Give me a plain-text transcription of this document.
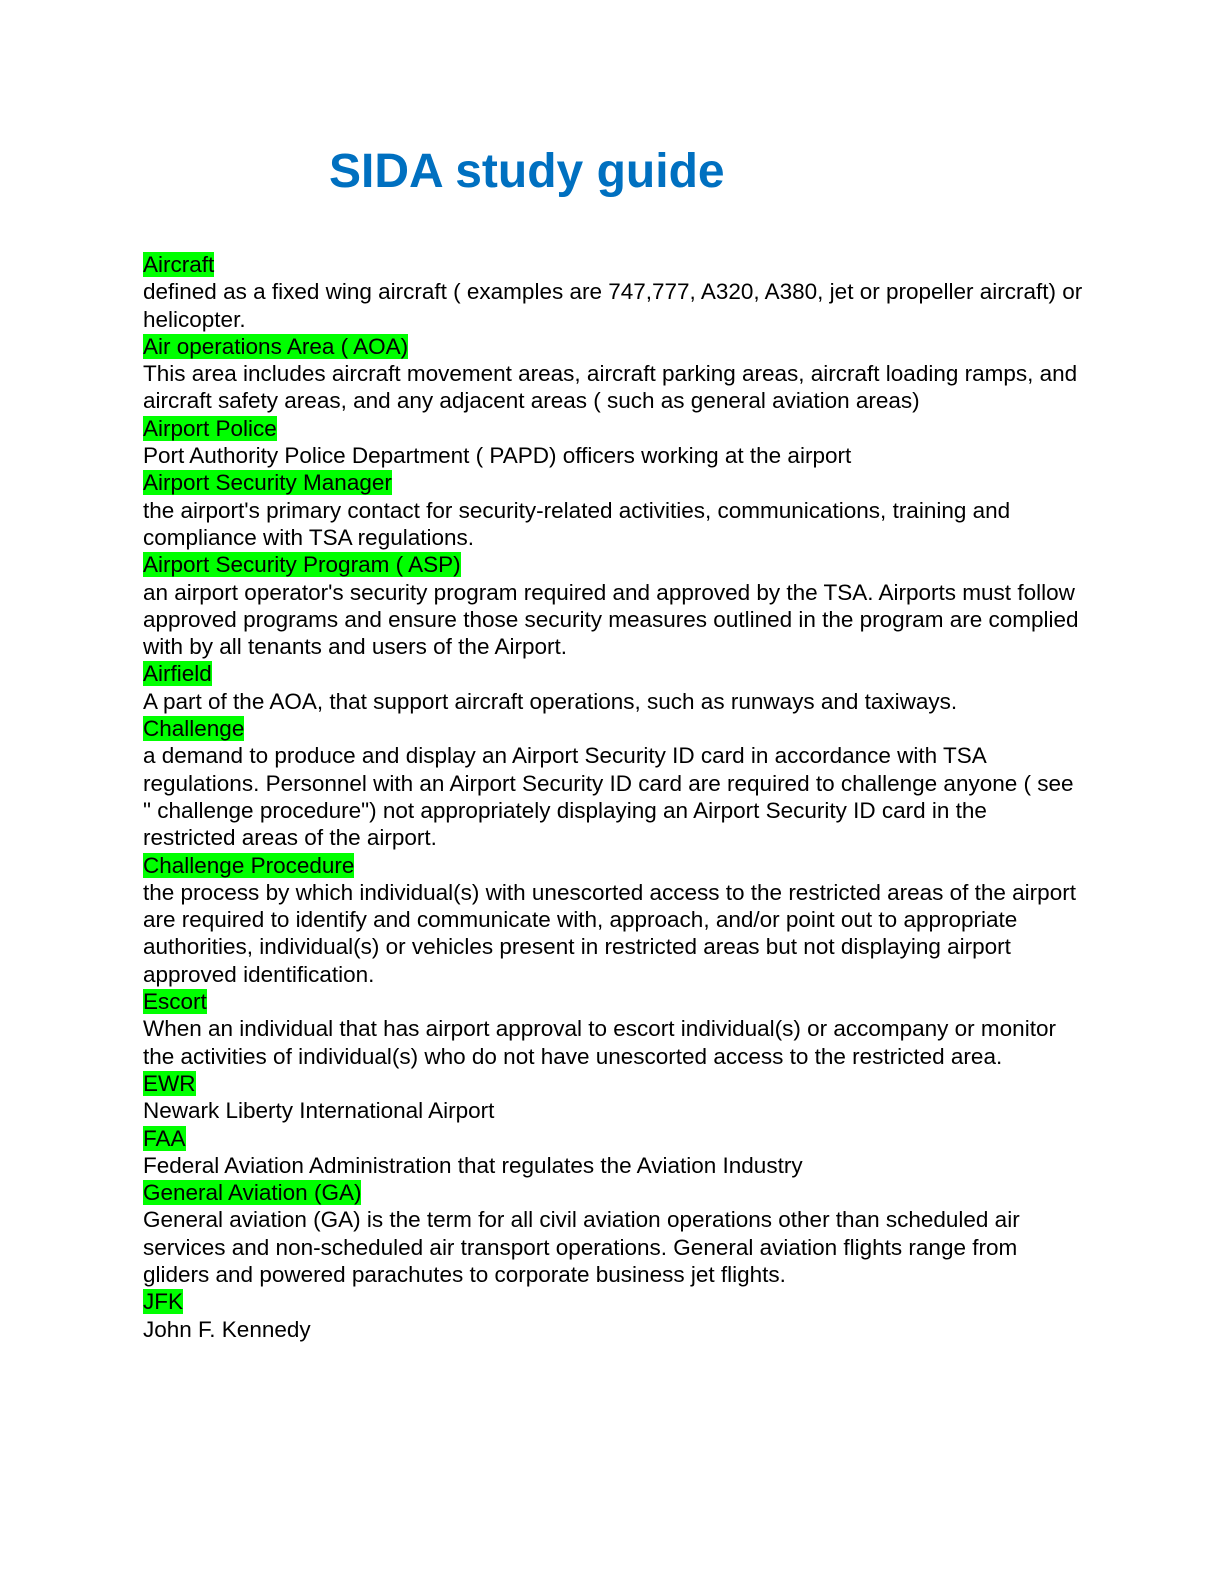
SIDA study guide
Aircraft
defined as a fixed wing aircraft ( examples are 747,777, A320, A380, jet or propeller aircraft) or helicopter.
Air operations Area ( AOA)
This area includes aircraft movement areas, aircraft parking areas, aircraft loading ramps, and aircraft safety areas, and any adjacent areas ( such as general aviation areas)
Airport Police
Port Authority Police Department ( PAPD) officers working at the airport
Airport Security Manager
the airport's primary contact for security-related activities, communications, training and compliance with TSA regulations.
Airport Security Program ( ASP)
an airport operator's security program required and approved by the TSA. Airports must follow approved programs and ensure those security measures outlined in the program are complied with by all tenants and users of the Airport.
Airfield
A part of the AOA, that support aircraft operations, such as runways and taxiways.
Challenge
a demand to produce and display an Airport Security ID card in accordance with TSA regulations. Personnel with an Airport Security ID card are required to challenge anyone ( see " challenge procedure") not appropriately displaying an Airport Security ID card in the restricted areas of the airport.
Challenge Procedure
the process by which individual(s) with unescorted access to the restricted areas of the airport are required to identify and communicate with, approach, and/or point out to appropriate authorities, individual(s) or vehicles present in restricted areas but not displaying airport approved identification.
Escort
When an individual that has airport approval to escort individual(s) or accompany or monitor the activities of individual(s) who do not have unescorted access to the restricted area.
EWR
Newark Liberty International Airport
FAA
Federal Aviation Administration that regulates the Aviation Industry
General Aviation (GA)
General aviation (GA) is the term for all civil aviation operations other than scheduled air services and non-scheduled air transport operations. General aviation flights range from gliders and powered parachutes to corporate business jet flights.
JFK
John F. Kennedy
